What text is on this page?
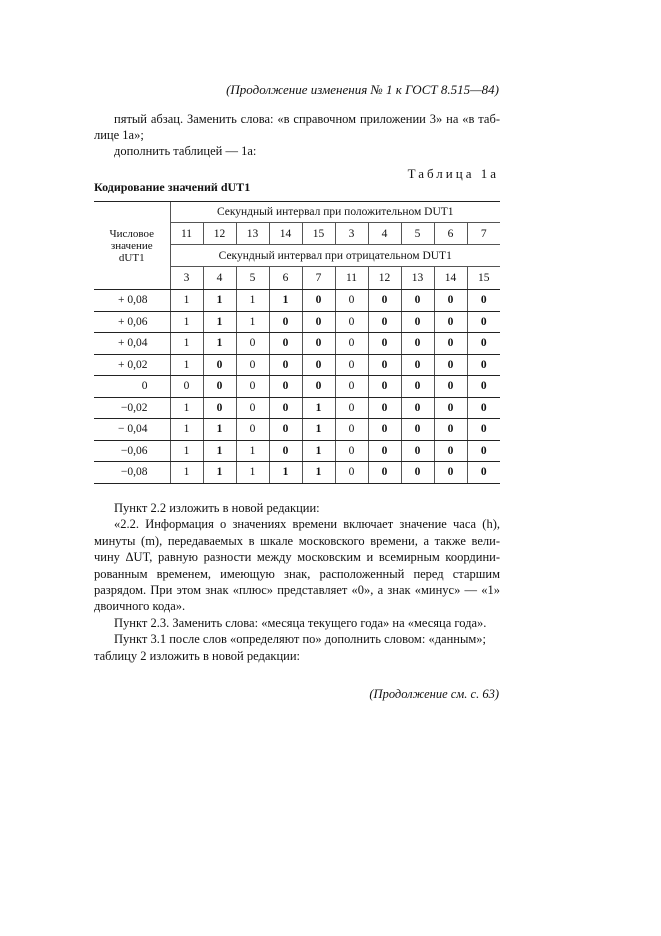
(Продолжение изменения № 1 к ГОСТ 8.515—84)

пятый абзац. Заменить слова: «в справочном приложении 3» на «в таб-лице 1а»;

дополнить таблицей — 1а:

Таблица 1а
Кодирование значений dUT1
Числовое
значение
dUT1	Секундный интервал при положительном DUT1									
	11	12	13	14	15	3	4	5	6	7
	Секундный интервал при отрицательном DUT1									
	3	4	5	6	7	11	12	13	14	15
+ 0,08	1	1	1	1	0	0	0	0	0	0
+ 0,06	1	1	1	0	0	0	0	0	0	0
+ 0,04	1	1	0	0	0	0	0	0	0	0
+ 0,02	1	0	0	0	0	0	0	0	0	0
0	0	0	0	0	0	0	0	0	0	0
−0,02	1	0	0	0	1	0	0	0	0	0
− 0,04	1	1	0	0	1	0	0	0	0	0
−0,06	1	1	1	0	1	0	0	0	0	0
−0,08	1	1	1	1	1	0	0	0	0	0

Пункт 2.2 изложить в новой редакции:

«2.2. Информация о значениях времени включает значение часа (h), минуты (m), передаваемых в шкале московского времени, а также вели-чину ΔUT, равную разности между московским и всемирным координи-рованным временем, имеющую знак, расположенный перед старшим разрядом. При этом знак «плюс» представляет «0», а знак «минус» — «1» двоичного кода».

Пункт 2.3. Заменить слова: «месяца текущего года» на «месяца года».

Пункт 3.1 после слов «определяют по» дополнить словом: «данным»;

таблицу 2 изложить в новой редакции:

(Продолжение см. с. 63)
